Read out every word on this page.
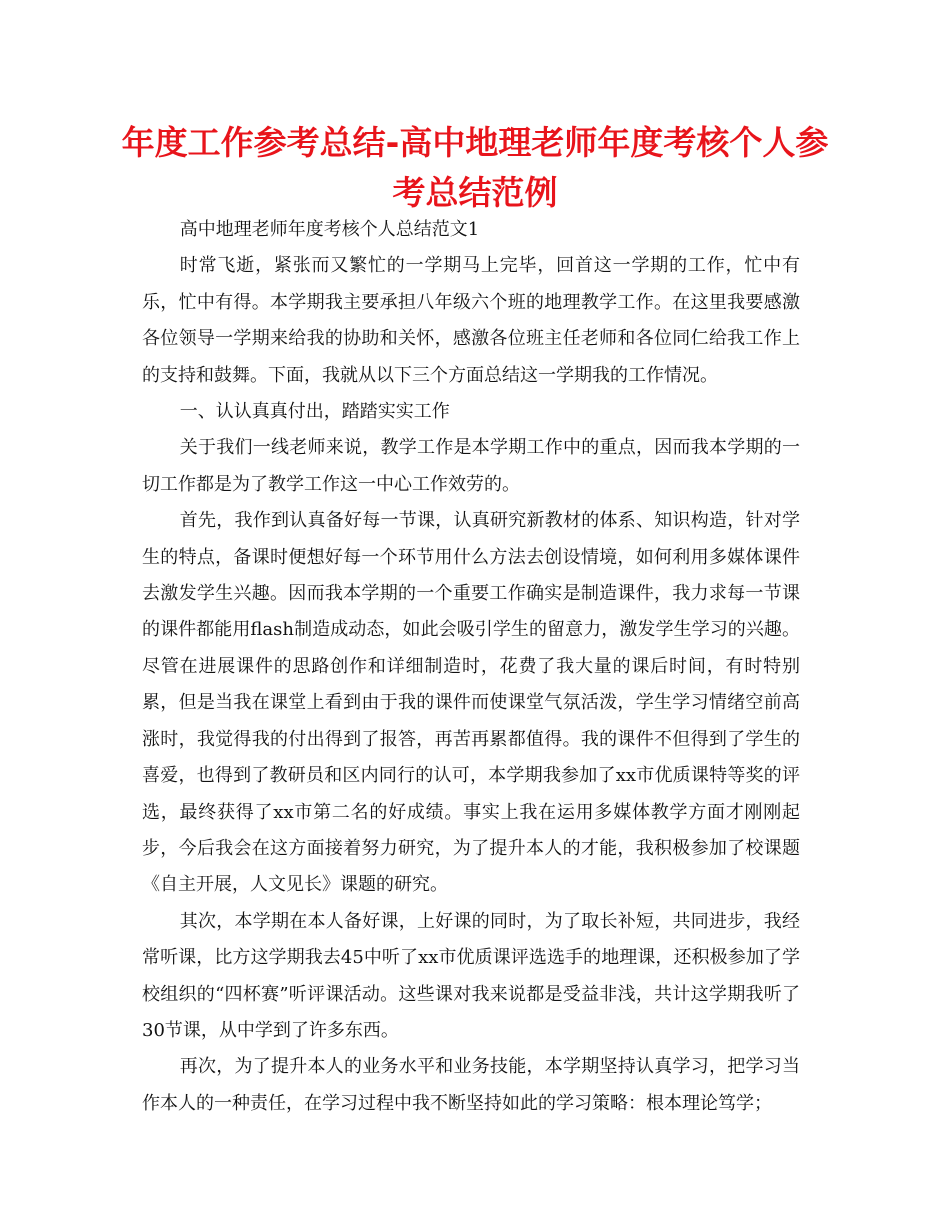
年度工作参考总结-高中地理老师年度考核个人参考总结范例

高中地理老师年度考核个人总结范文1

时常飞逝，紧张而又繁忙的一学期马上完毕，回首这一学期的工作，忙中有乐，忙中有得。本学期我主要承担八年级六个班的地理教学工作。在这里我要感激各位领导一学期来给我的协助和关怀，感激各位班主任老师和各位同仁给我工作上的支持和鼓舞。下面，我就从以下三个方面总结这一学期我的工作情况。

一、认认真真付出，踏踏实实工作

关于我们一线老师来说，教学工作是本学期工作中的重点，因而我本学期的一切工作都是为了教学工作这一中心工作效劳的。

首先，我作到认真备好每一节课，认真研究新教材的体系、知识构造，针对学生的特点，备课时便想好每一个环节用什么方法去创设情境，如何利用多媒体课件去激发学生兴趣。因而我本学期的一个重要工作确实是制造课件，我力求每一节课的课件都能用flash制造成动态，如此会吸引学生的留意力，激发学生学习的兴趣。尽管在进展课件的思路创作和详细制造时，花费了我大量的课后时间，有时特别累，但是当我在课堂上看到由于我的课件而使课堂气氛活泼，学生学习情绪空前高涨时，我觉得我的付出得到了报答，再苦再累都值得。我的课件不但得到了学生的喜爱，也得到了教研员和区内同行的认可，本学期我参加了xx市优质课特等奖的评选，最终获得了xx市第二名的好成绩。事实上我在运用多媒体教学方面才刚刚起步，今后我会在这方面接着努力研究，为了提升本人的才能，我积极参加了校课题《自主开展，人文见长》课题的研究。

其次，本学期在本人备好课，上好课的同时，为了取长补短，共同进步，我经常听课，比方这学期我去45中听了xx市优质课评选选手的地理课，还积极参加了学校组织的“四杯赛”听评课活动。这些课对我来说都是受益非浅，共计这学期我听了30节课，从中学到了许多东西。

再次，为了提升本人的业务水平和业务技能，本学期坚持认真学习，把学习当作本人的一种责任，在学习过程中我不断坚持如此的学习策略：根本理论笃学；
